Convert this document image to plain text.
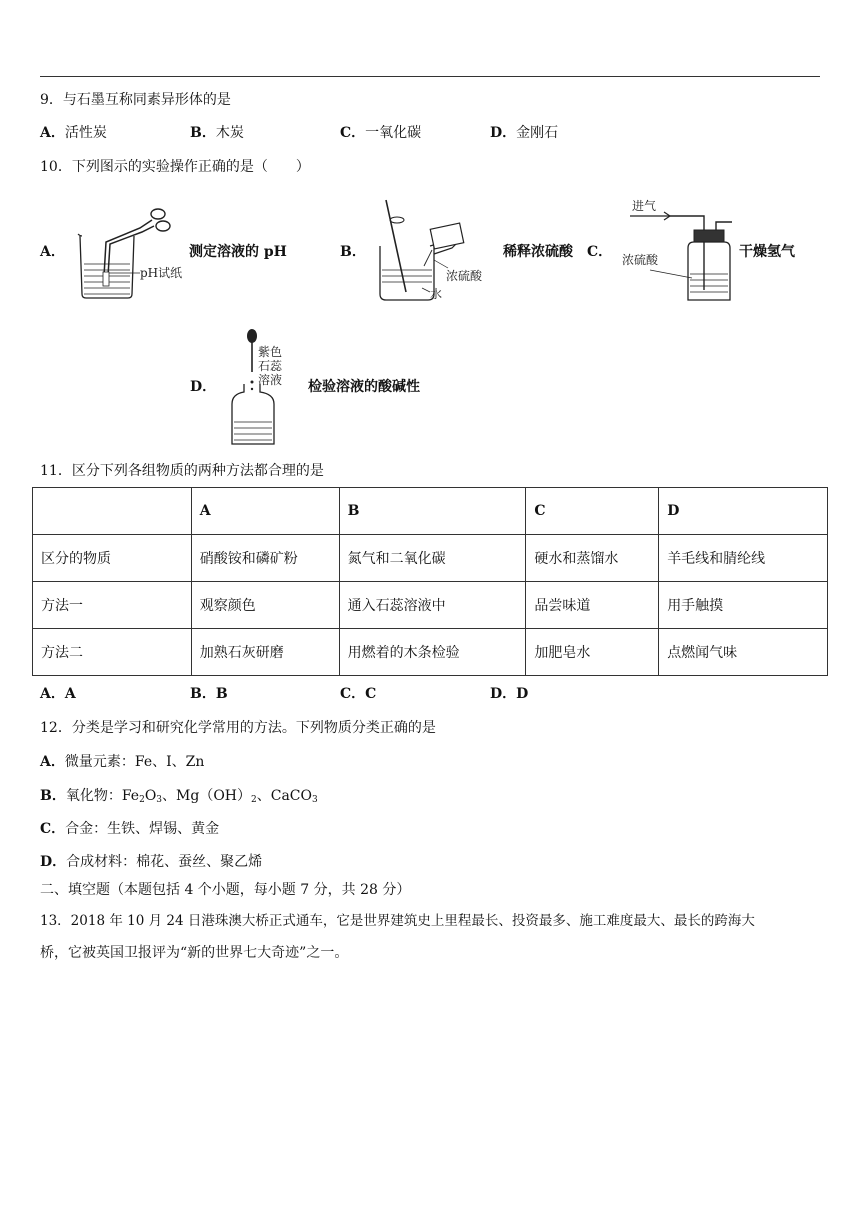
9．与石墨互称同素异形体的是
A．活性炭	B．木炭	C．一氧化碳	D．金刚石
10．下列图示的实验操作正确的是（　　）
A．
pH试纸
测定溶液的 pH	B．
浓硫酸
水
稀释浓硫酸 C．
进气
浓硫酸	干燥氢气
D．
紫色
石蕊
溶液 检验溶液的酸碱性
11．区分下列各组物质的两种方法都合理的是
	A	B	C	D
区分的物质	硝酸铵和磷矿粉	氮气和二氧化碳	硬水和蒸馏水	羊毛线和腈纶线
方法一	观察颜色	通入石蕊溶液中	品尝味道	用手触摸
方法二	加熟石灰研磨	用燃着的木条检验	加肥皂水	点燃闻气味
A．A	B．B	C．C	D．D
12．分类是学习和研究化学常用的方法。下列物质分类正确的是
A．微量元素：Fe、I、Zn
B．氧化物：$Fe_2O_3$、$Mg(OH)_2$、CaCO$_3$
C．合金：生铁、焊锡、黄金
D．合成材料：棉花、蚕丝、聚乙烯
二、填空题（本题包括 4 个小题，每小题 7 分，共 28 分）
13．2018 年 10 月 24 日港珠澳大桥正式通车，它是世界建筑史上里程最长、投资最多、施工难度最大、最长的跨海大
桥，它被英国卫报评为“新的世界七大奇迹”之一。
